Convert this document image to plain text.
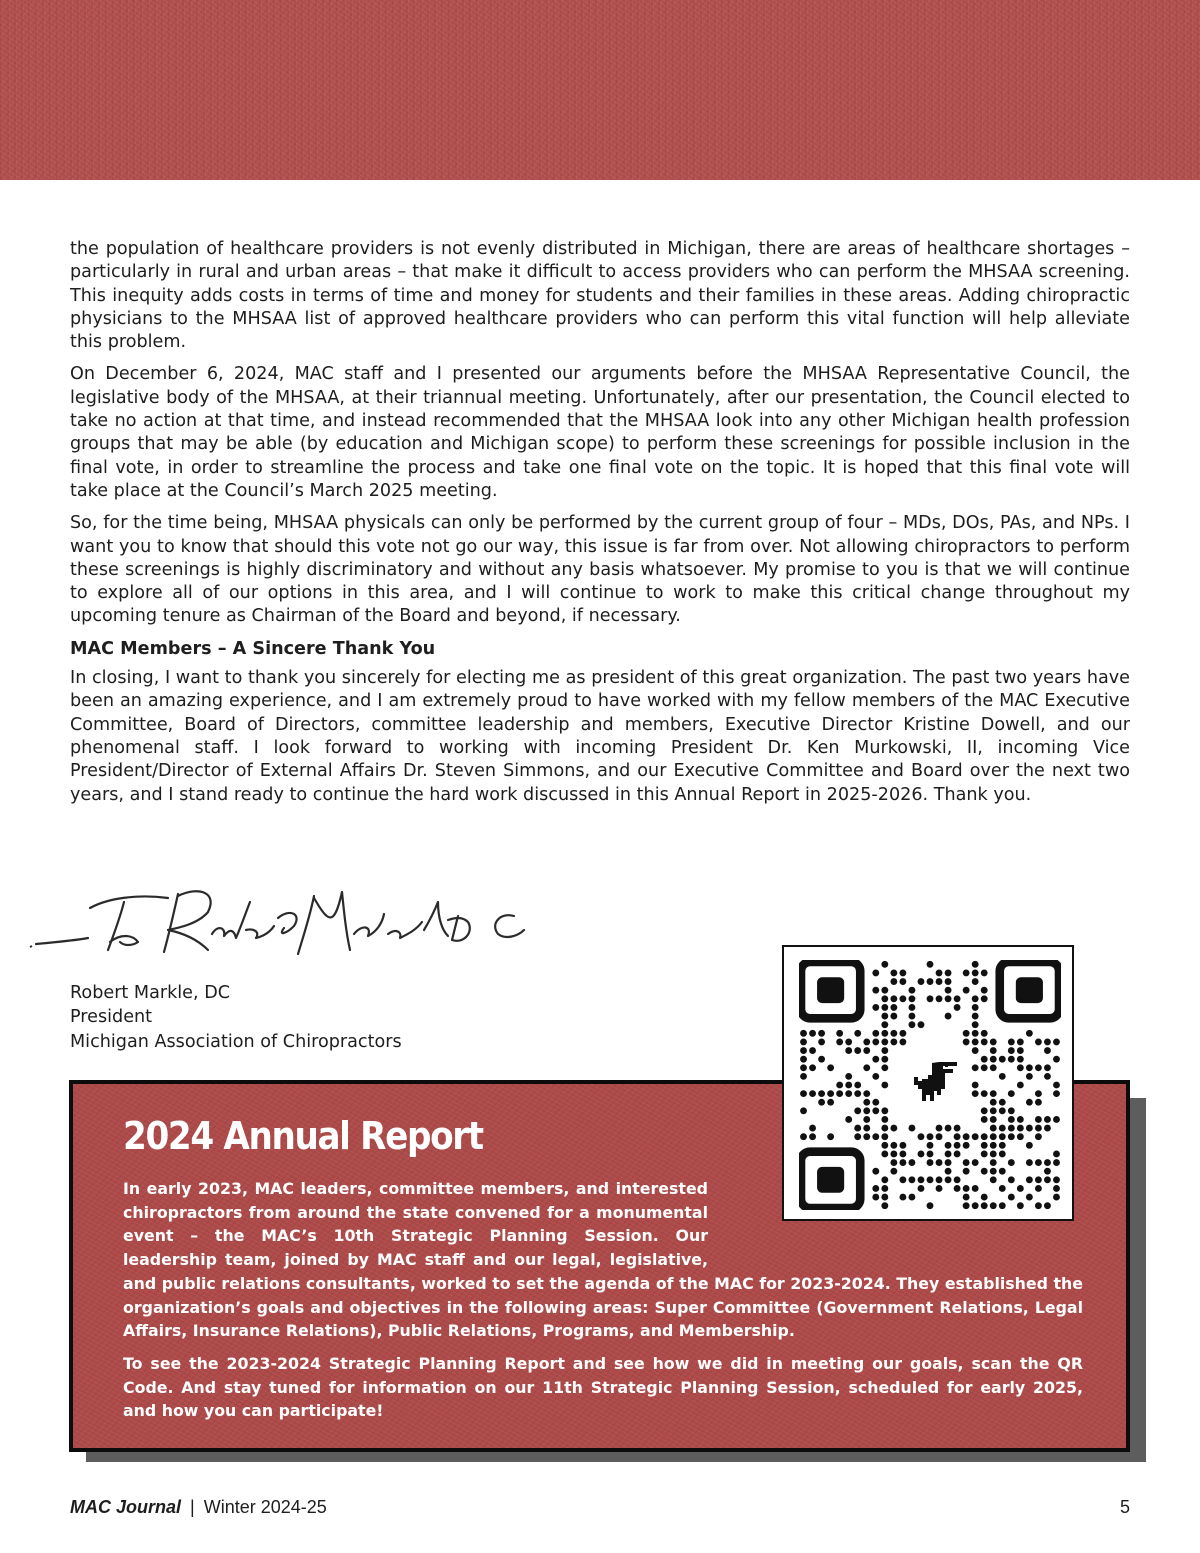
the population of healthcare providers is not evenly distributed in Michigan, there are areas of healthcare shortages – particularly in rural and urban areas – that make it difficult to access providers who can perform the MHSAA screening. This inequity adds costs in terms of time and money for students and their families in these areas. Adding chiropractic physicians to the MHSAA list of approved healthcare providers who can perform this vital function will help alleviate this problem.

On December 6, 2024, MAC staff and I presented our arguments before the MHSAA Representative Council, the legislative body of the MHSAA, at their triannual meeting. Unfortunately, after our presentation, the Council elected to take no action at that time, and instead recommended that the MHSAA look into any other Michigan health profession groups that may be able (by education and Michigan scope) to perform these screenings for possible inclusion in the final vote, in order to streamline the process and take one final vote on the topic. It is hoped that this final vote will take place at the Council’s March 2025 meeting.

So, for the time being, MHSAA physicals can only be performed by the current group of four – MDs, DOs, PAs, and NPs. I want you to know that should this vote not go our way, this issue is far from over. Not allowing chiropractors to perform these screenings is highly discriminatory and without any basis whatsoever. My promise to you is that we will continue to explore all of our options in this area, and I will continue to work to make this critical change throughout my upcoming tenure as Chairman of the Board and beyond, if necessary.

MAC Members – A Sincere Thank You

In closing, I want to thank you sincerely for electing me as president of this great organization. The past two years have been an amazing experience, and I am extremely proud to have worked with my fellow members of the MAC Executive Committee, Board of Directors, committee leadership and members, Executive Director Kristine Dowell, and our phenomenal staff. I look forward to working with incoming President Dr. Ken Murkowski, II, incoming Vice President/Director of External Affairs Dr. Steven Simmons, and our Executive Committee and Board over the next two years, and I stand ready to continue the hard work discussed in this Annual Report in 2025-2026. Thank you.

Robert Markle, DC
President
Michigan Association of Chiropractors
2024 Annual Report

In early 2023, MAC leaders, committee members, and interested chiropractors from around the state convened for a monumental event – the MAC’s 10th Strategic Planning Session. Our leadership team, joined by MAC staff and our legal, legislative, and public relations consultants, worked to set the agenda of the MAC for 2023-2024. They established the organization’s goals and objectives in the following areas: Super Committee (Government Relations, Legal Affairs, Insurance Relations), Public Relations, Programs, and Membership.

To see the 2023-2024 Strategic Planning Report and see how we did in meeting our goals, scan the QR Code. And stay tuned for information on our 11th Strategic Planning Session, scheduled for early 2025, and how you can participate!

MAC Journal | Winter 2024-25	5
